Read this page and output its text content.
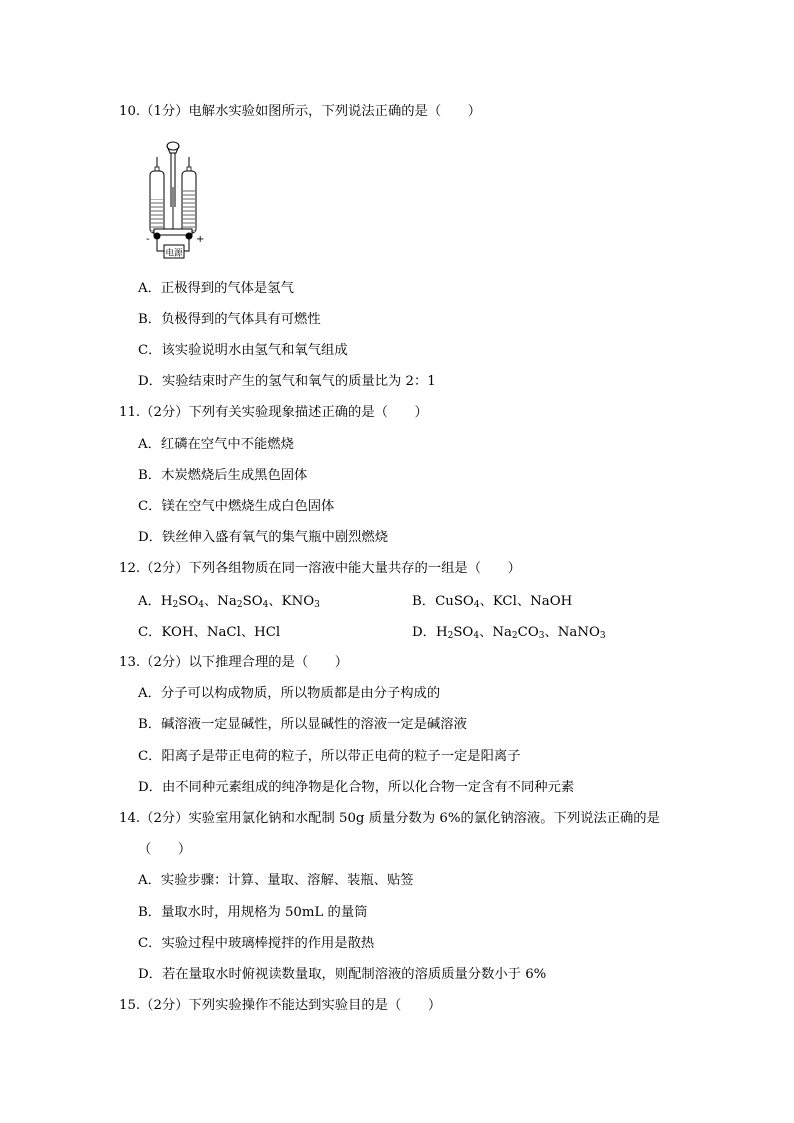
10.（1分）电解水实验如图所示，下列说法正确的是（　　）
电源
-	+
A．正极得到的气体是氢气
B．负极得到的气体具有可燃性
C．该实验说明水由氢气和氧气组成
D．实验结束时产生的氢气和氧气的质量比为 2：1
11.（2分）下列有关实验现象描述正确的是（　　）
A．红磷在空气中不能燃烧
B．木炭燃烧后生成黑色固体
C．镁在空气中燃烧生成白色固体
D．铁丝伸入盛有氧气的集气瓶中剧烈燃烧
12.（2分）下列各组物质在同一溶液中能大量共存的一组是（　　）
A．$H_2SO_4$、$Na_2SO_4$、$KNO_3$	B．CuSO$_4$、KCl、NaOH
C．KOH、NaCl、HCl	D．$H_2SO_4$、$Na_2CO_3$、NaNO$_3$
13.（2分）以下推理合理的是（　　）
A．分子可以构成物质，所以物质都是由分子构成的
B．碱溶液一定显碱性，所以显碱性的溶液一定是碱溶液
C．阳离子是带正电荷的粒子，所以带正电荷的粒子一定是阳离子
D．由不同种元素组成的纯净物是化合物，所以化合物一定含有不同种元素
14.（2分）实验室用氯化钠和水配制 50g 质量分数为 6%的氯化钠溶液。下列说法正确的是
（　　）
A．实验步骤：计算、量取、溶解、装瓶、贴签
B．量取水时，用规格为 50mL 的量筒
C．实验过程中玻璃棒搅拌的作用是散热
D．若在量取水时俯视读数量取，则配制溶液的溶质质量分数小于 6%
15.（2分）下列实验操作不能达到实验目的是（　　）
